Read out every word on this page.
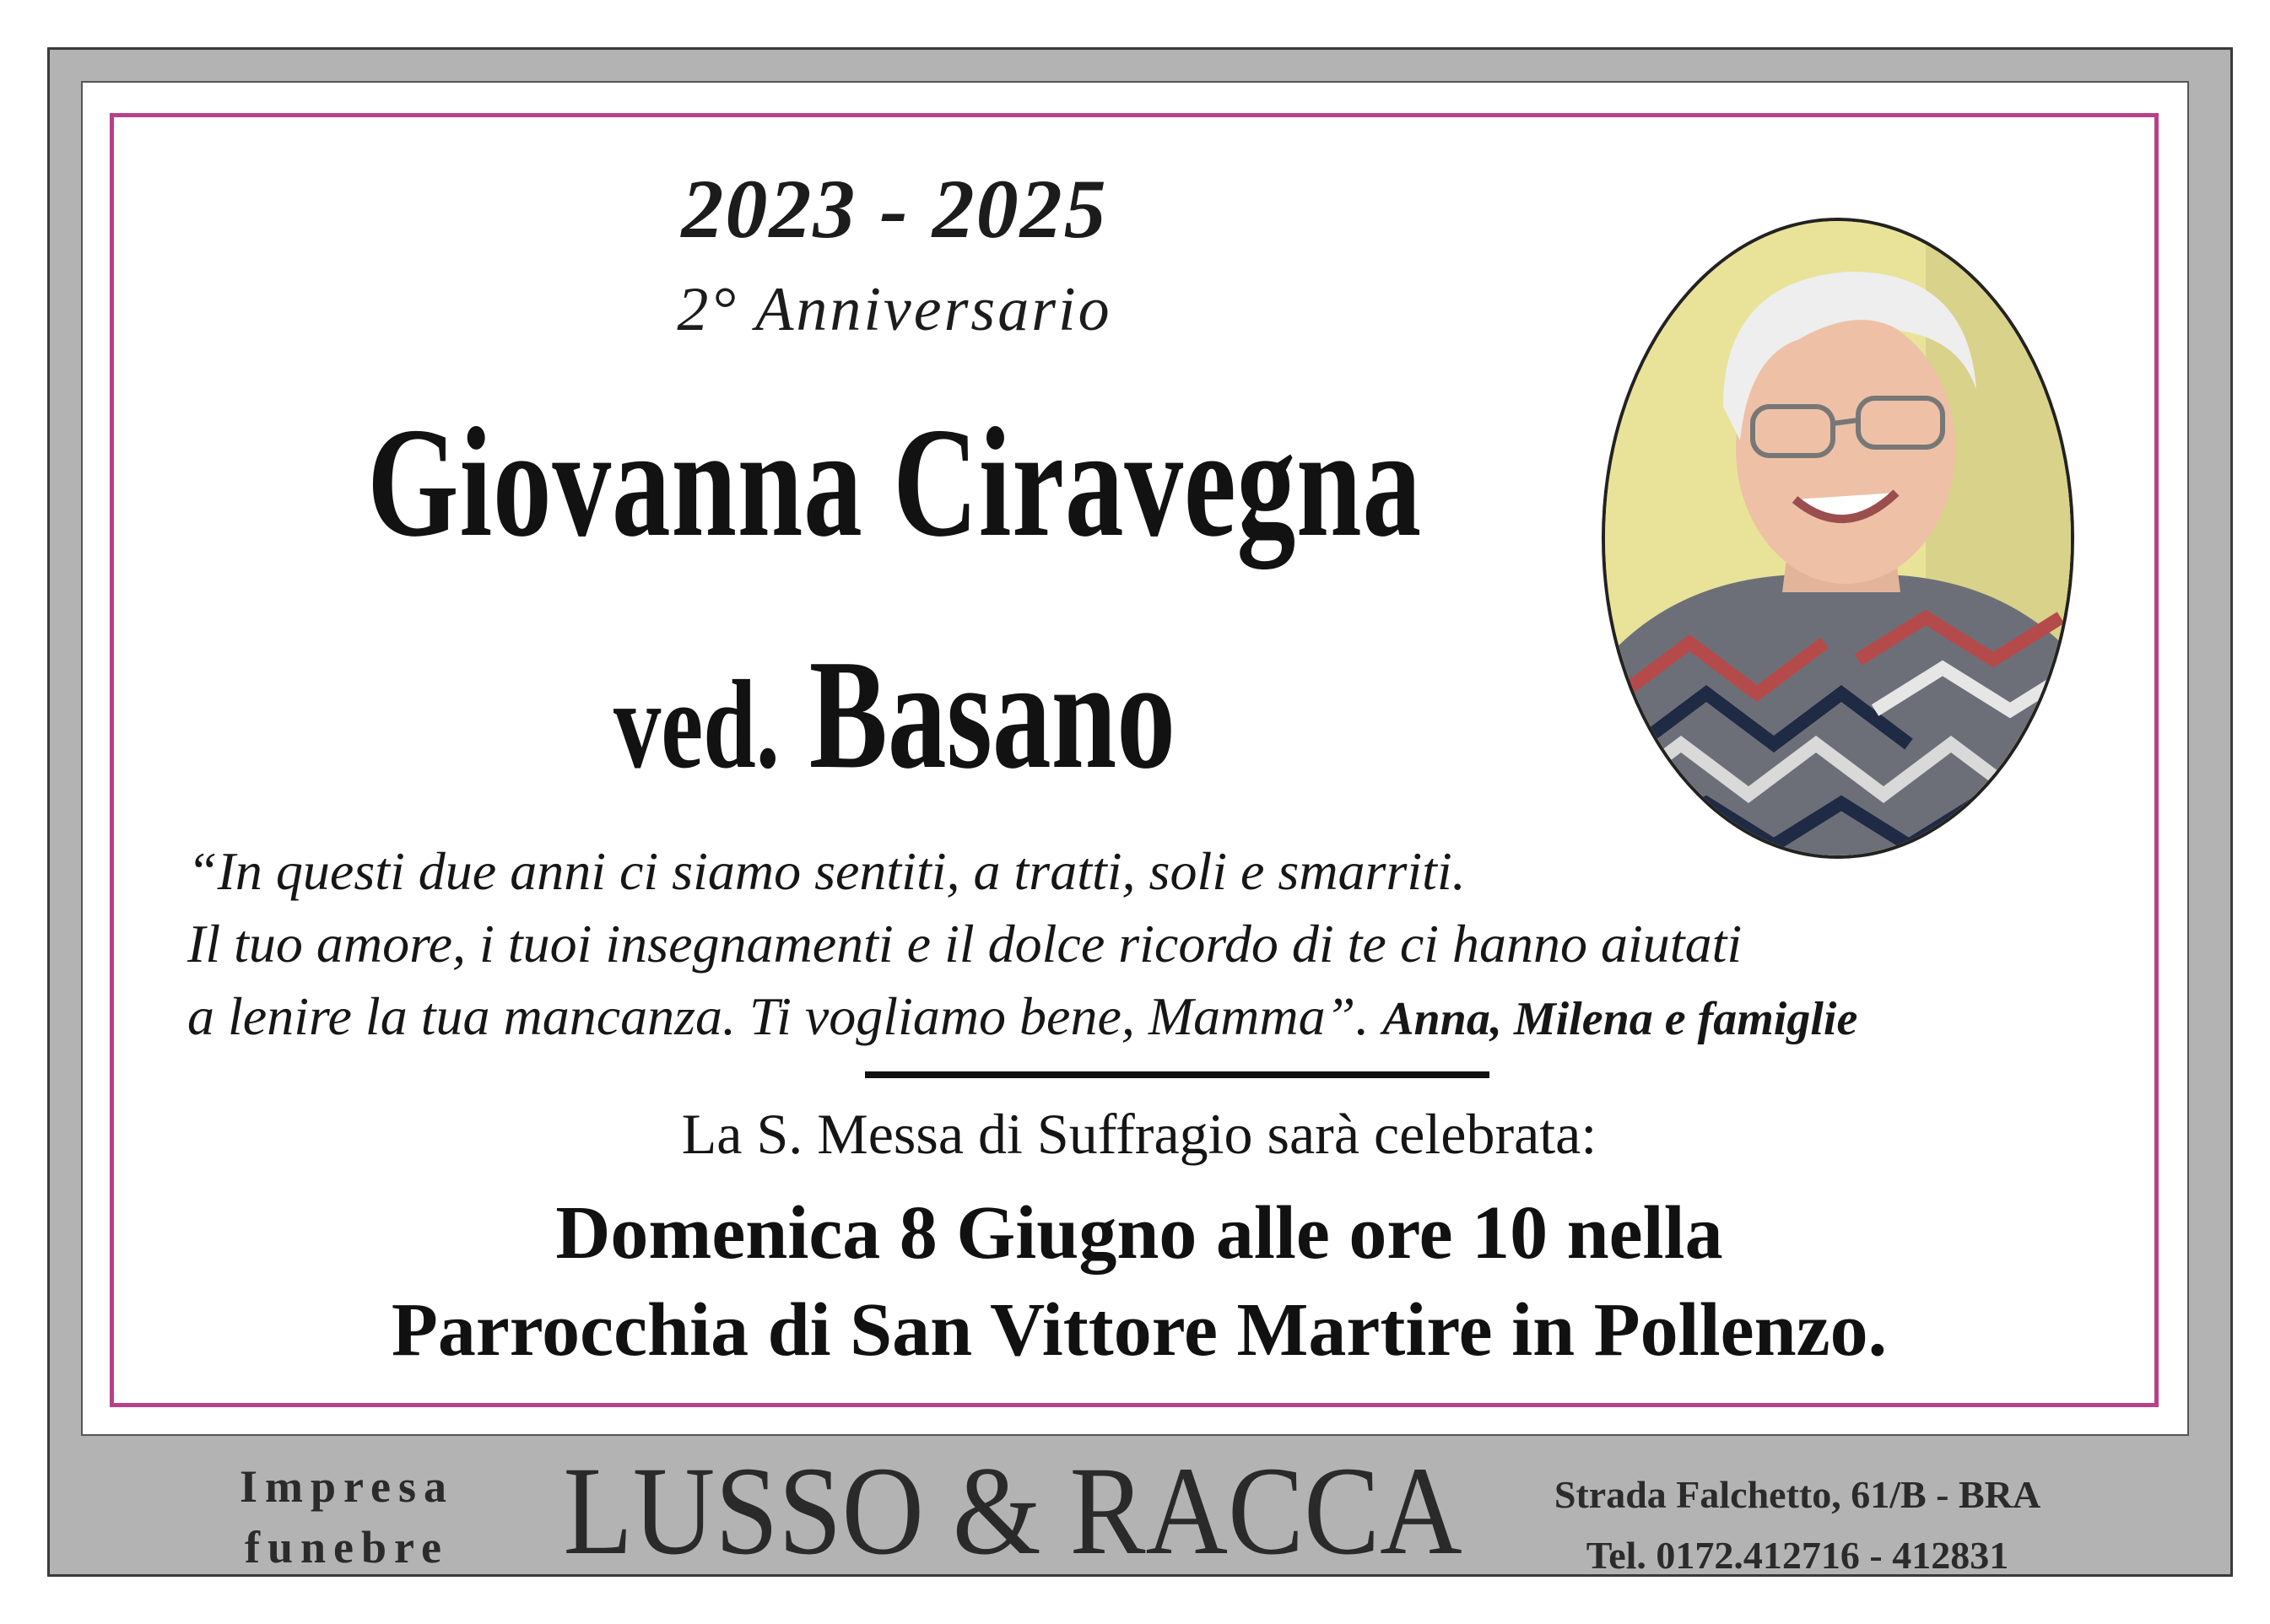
2023 - 2025
2° Anniversario
Giovanna Ciravegna
ved. Basano
“In questi due anni ci siamo sentiti, a tratti, soli e smarriti.
Il tuo amore, i tuoi insegnamenti e il dolce ricordo di te ci hanno aiutati
a lenire la tua mancanza. Ti vogliamo bene, Mamma”. Anna, Milena e famiglie
La S. Messa di Suffragio sarà celebrata:
Domenica 8 Giugno alle ore 10 nella
Parrocchia di San Vittore Martire in Pollenzo.
Impresa
funebre LUSSO & RACCA	Strada Falchetto, 61/B - BRA
Tel. 0172.412716 - 412831
